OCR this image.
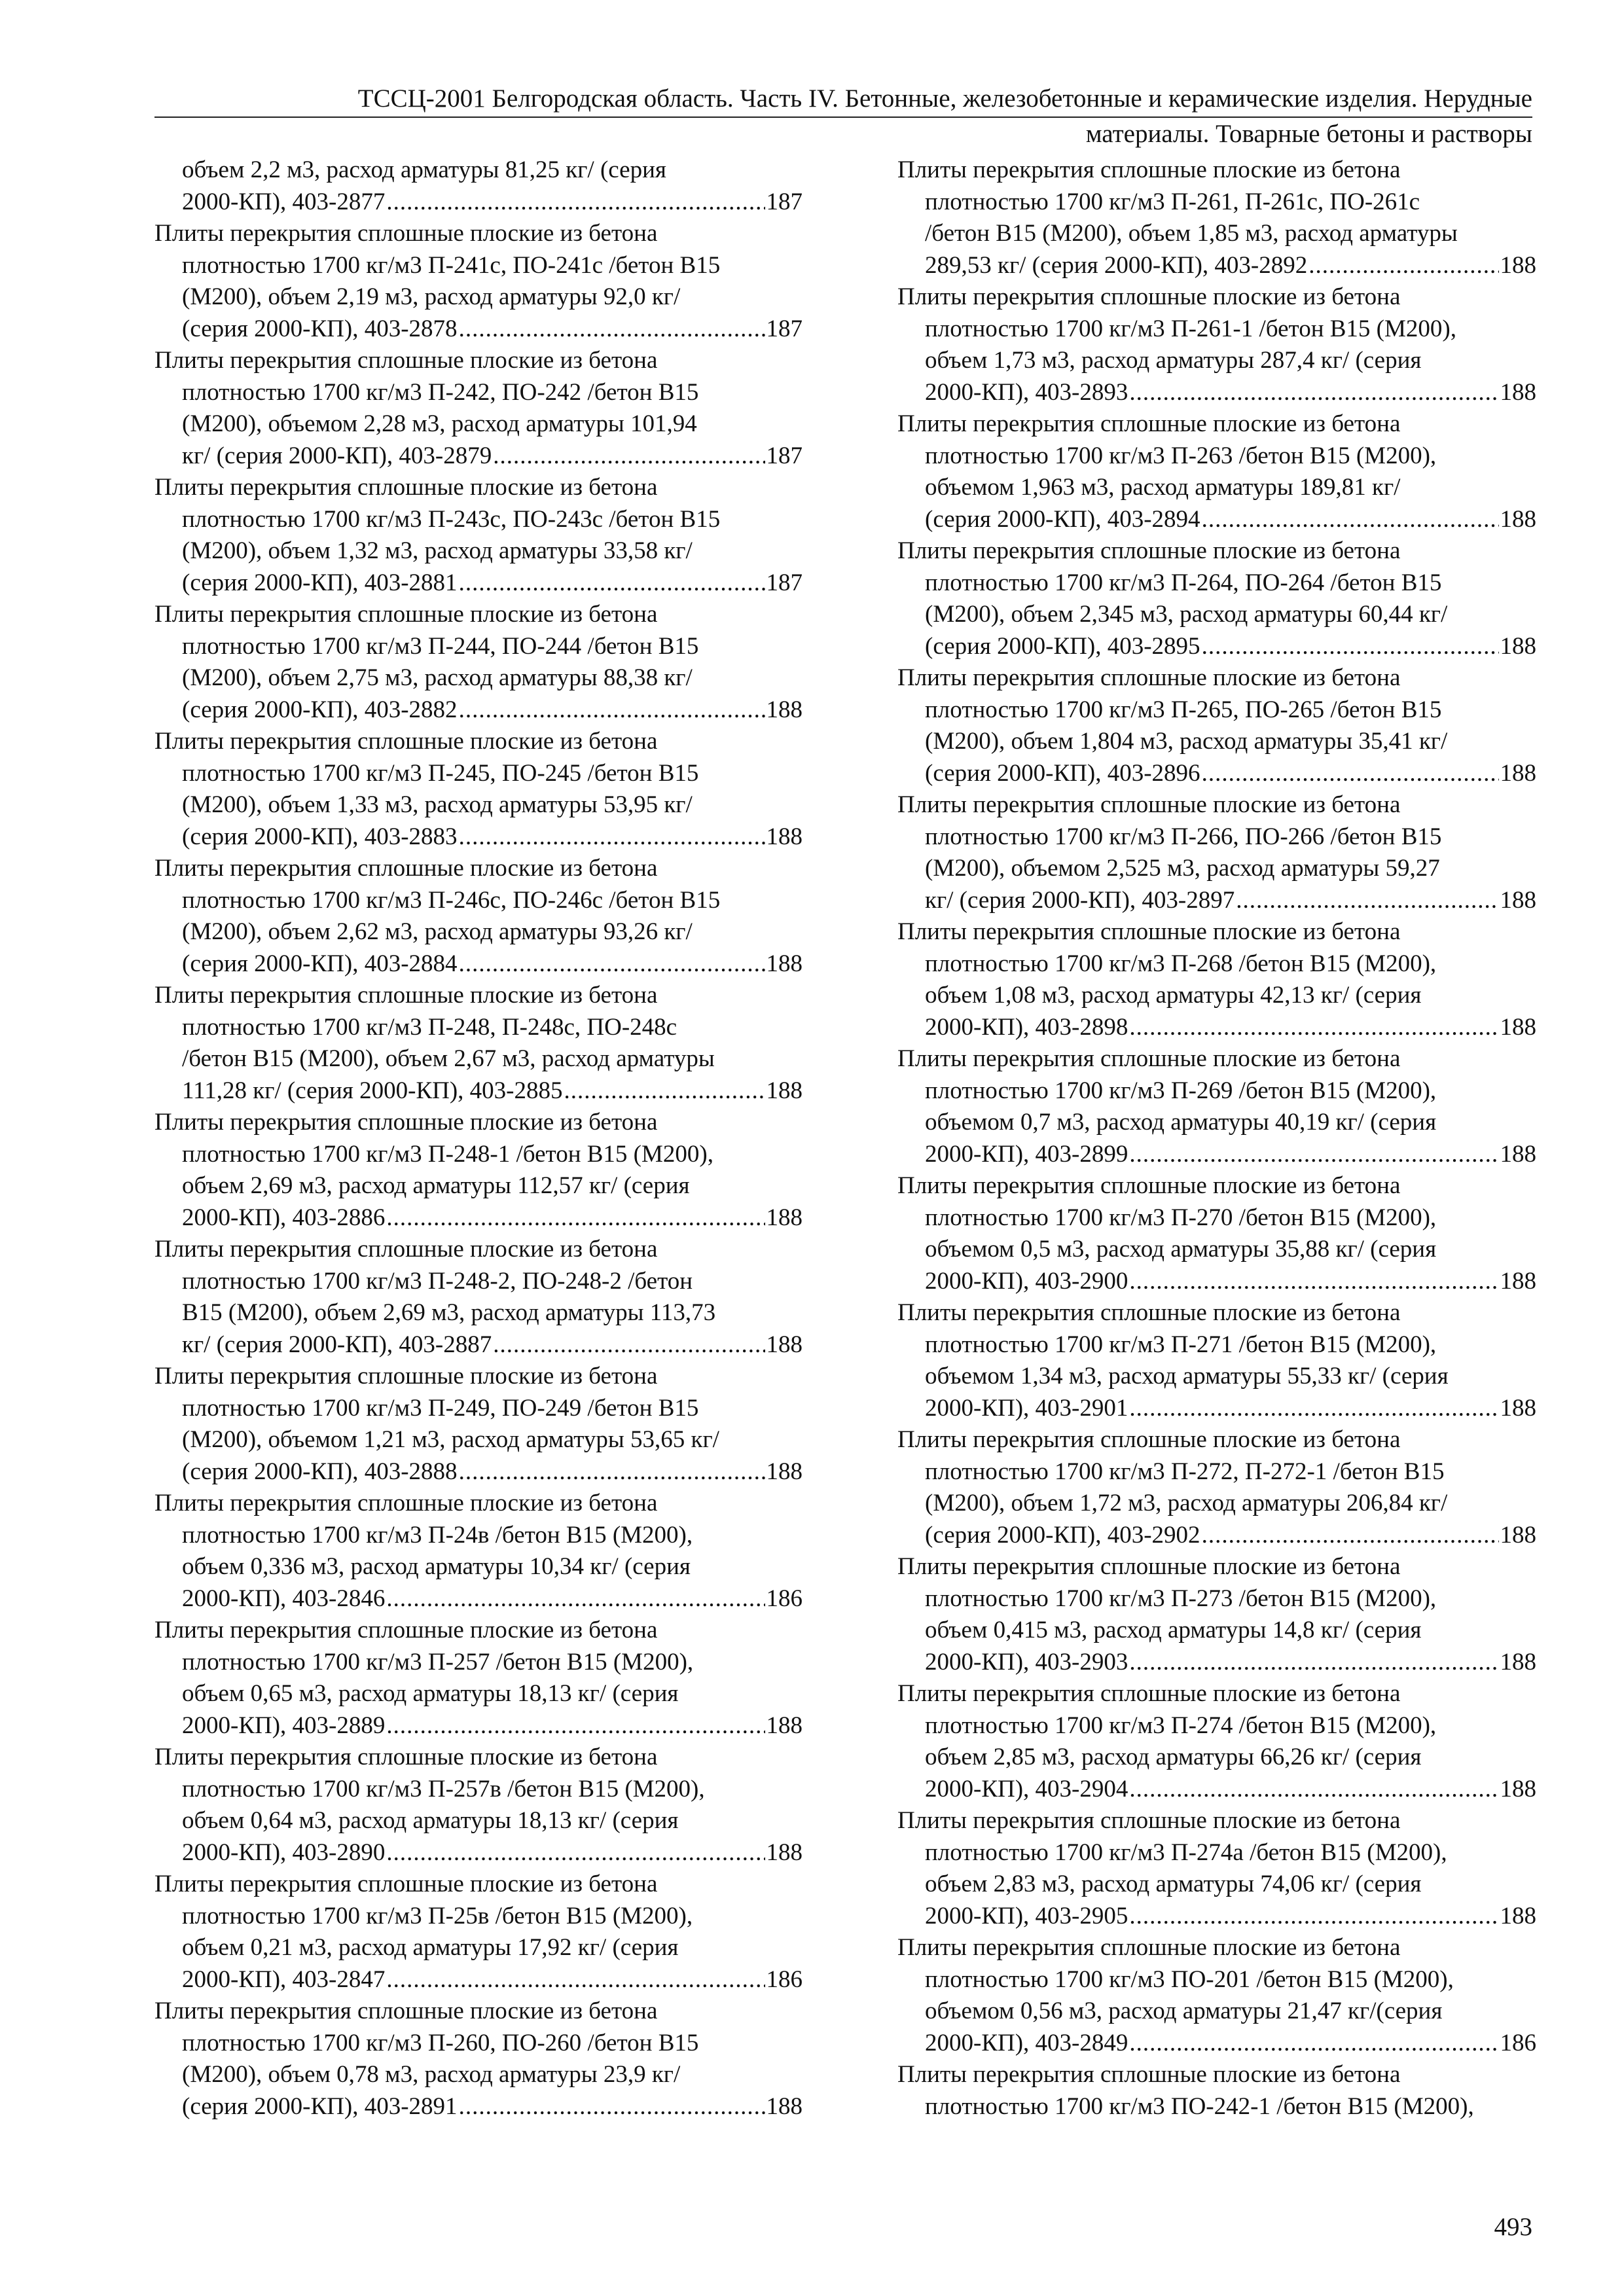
ТССЦ-2001 Белгородская область. Часть IV. Бетонные, железобетонные и керамические изделия. Нерудные
материалы. Товарные бетоны и растворы
объем 2,2 м3, расход арматуры 81,25 кг/ (серия
2000-КП), 403-2877 .....	187
Плиты перекрытия сплошные плоские из бетона
плотностью 1700 кг/м3 П-241с, ПО-241с /бетон В15
(М200), объем 2,19 м3, расход арматуры 92,0 кг/
(серия 2000-КП), 403-2878 .....	187
Плиты перекрытия сплошные плоские из бетона
плотностью 1700 кг/м3 П-242, ПО-242 /бетон В15
(М200), объемом 2,28 м3, расход арматуры 101,94
кг/ (серия 2000-КП), 403-2879 .....	187
Плиты перекрытия сплошные плоские из бетона
плотностью 1700 кг/м3 П-243с, ПО-243с /бетон В15
(М200), объем 1,32 м3, расход арматуры 33,58 кг/
(серия 2000-КП), 403-2881 .....	187
Плиты перекрытия сплошные плоские из бетона
плотностью 1700 кг/м3 П-244, ПО-244 /бетон В15
(М200), объем 2,75 м3, расход арматуры 88,38 кг/
(серия 2000-КП), 403-2882 .....	188
Плиты перекрытия сплошные плоские из бетона
плотностью 1700 кг/м3 П-245, ПО-245 /бетон В15
(М200), объем 1,33 м3, расход арматуры 53,95 кг/
(серия 2000-КП), 403-2883 .....	188
Плиты перекрытия сплошные плоские из бетона
плотностью 1700 кг/м3 П-246с, ПО-246с /бетон В15
(М200), объем 2,62 м3, расход арматуры 93,26 кг/
(серия 2000-КП), 403-2884 .....	188
Плиты перекрытия сплошные плоские из бетона
плотностью 1700 кг/м3 П-248, П-248с, ПО-248с
/бетон В15 (М200), объем 2,67 м3, расход арматуры
111,28 кг/ (серия 2000-КП), 403-2885 .....	188
Плиты перекрытия сплошные плоские из бетона
плотностью 1700 кг/м3 П-248-1 /бетон В15 (М200),
объем 2,69 м3, расход арматуры 112,57 кг/ (серия
2000-КП), 403-2886 .....	188
Плиты перекрытия сплошные плоские из бетона
плотностью 1700 кг/м3 П-248-2, ПО-248-2 /бетон
В15 (М200), объем 2,69 м3, расход арматуры 113,73
кг/ (серия 2000-КП), 403-2887 .....	188
Плиты перекрытия сплошные плоские из бетона
плотностью 1700 кг/м3 П-249, ПО-249 /бетон В15
(М200), объемом 1,21 м3, расход арматуры 53,65 кг/
(серия 2000-КП), 403-2888 .....	188
Плиты перекрытия сплошные плоские из бетона
плотностью 1700 кг/м3 П-24в /бетон В15 (М200),
объем 0,336 м3, расход арматуры 10,34 кг/ (серия
2000-КП), 403-2846 .....	186
Плиты перекрытия сплошные плоские из бетона
плотностью 1700 кг/м3 П-257 /бетон В15 (М200),
объем 0,65 м3, расход арматуры 18,13 кг/ (серия
2000-КП), 403-2889 .....	188
Плиты перекрытия сплошные плоские из бетона
плотностью 1700 кг/м3 П-257в /бетон В15 (М200),
объем 0,64 м3, расход арматуры 18,13 кг/ (серия
2000-КП), 403-2890 .....	188
Плиты перекрытия сплошные плоские из бетона
плотностью 1700 кг/м3 П-25в /бетон В15 (М200),
объем 0,21 м3, расход арматуры 17,92 кг/ (серия
2000-КП), 403-2847 .....	186
Плиты перекрытия сплошные плоские из бетона
плотностью 1700 кг/м3 П-260, ПО-260 /бетон В15
(М200), объем 0,78 м3, расход арматуры 23,9 кг/
(серия 2000-КП), 403-2891 .....	188
Плиты перекрытия сплошные плоские из бетона
плотностью 1700 кг/м3 П-261, П-261с, ПО-261с
/бетон В15 (М200), объем 1,85 м3, расход арматуры
289,53 кг/ (серия 2000-КП), 403-2892 .....	188
Плиты перекрытия сплошные плоские из бетона
плотностью 1700 кг/м3 П-261-1 /бетон В15 (М200),
объем 1,73 м3, расход арматуры 287,4 кг/ (серия
2000-КП), 403-2893 .....	188
Плиты перекрытия сплошные плоские из бетона
плотностью 1700 кг/м3 П-263 /бетон В15 (М200),
объемом 1,963 м3, расход арматуры 189,81 кг/
(серия 2000-КП), 403-2894 .....	188
Плиты перекрытия сплошные плоские из бетона
плотностью 1700 кг/м3 П-264, ПО-264 /бетон В15
(М200), объем 2,345 м3, расход арматуры 60,44 кг/
(серия 2000-КП), 403-2895 .....	188
Плиты перекрытия сплошные плоские из бетона
плотностью 1700 кг/м3 П-265, ПО-265 /бетон В15
(М200), объем 1,804 м3, расход арматуры 35,41 кг/
(серия 2000-КП), 403-2896 .....	188
Плиты перекрытия сплошные плоские из бетона
плотностью 1700 кг/м3 П-266, ПО-266 /бетон В15
(М200), объемом 2,525 м3, расход арматуры 59,27
кг/ (серия 2000-КП), 403-2897 .....	188
Плиты перекрытия сплошные плоские из бетона
плотностью 1700 кг/м3 П-268 /бетон В15 (М200),
объем 1,08 м3, расход арматуры 42,13 кг/ (серия
2000-КП), 403-2898 .....	188
Плиты перекрытия сплошные плоские из бетона
плотностью 1700 кг/м3 П-269 /бетон В15 (М200),
объемом 0,7 м3, расход арматуры 40,19 кг/ (серия
2000-КП), 403-2899 .....	188
Плиты перекрытия сплошные плоские из бетона
плотностью 1700 кг/м3 П-270 /бетон В15 (М200),
объемом 0,5 м3, расход арматуры 35,88 кг/ (серия
2000-КП), 403-2900 .....	188
Плиты перекрытия сплошные плоские из бетона
плотностью 1700 кг/м3 П-271 /бетон В15 (М200),
объемом 1,34 м3, расход арматуры 55,33 кг/ (серия
2000-КП), 403-2901 .....	188
Плиты перекрытия сплошные плоские из бетона
плотностью 1700 кг/м3 П-272, П-272-1 /бетон В15
(М200), объем 1,72 м3, расход арматуры 206,84 кг/
(серия 2000-КП), 403-2902 .....	188
Плиты перекрытия сплошные плоские из бетона
плотностью 1700 кг/м3 П-273 /бетон В15 (М200),
объем 0,415 м3, расход арматуры 14,8 кг/ (серия
2000-КП), 403-2903 .....	188
Плиты перекрытия сплошные плоские из бетона
плотностью 1700 кг/м3 П-274 /бетон В15 (М200),
объем 2,85 м3, расход арматуры 66,26 кг/ (серия
2000-КП), 403-2904 .....	188
Плиты перекрытия сплошные плоские из бетона
плотностью 1700 кг/м3 П-274а /бетон В15 (М200),
объем 2,83 м3, расход арматуры 74,06 кг/ (серия
2000-КП), 403-2905 .....	188
Плиты перекрытия сплошные плоские из бетона
плотностью 1700 кг/м3 ПО-201 /бетон В15 (М200),
объемом 0,56 м3, расход арматуры 21,47 кг/(серия
2000-КП), 403-2849 .....	186
Плиты перекрытия сплошные плоские из бетона
плотностью 1700 кг/м3 ПО-242-1 /бетон В15 (М200),
493
